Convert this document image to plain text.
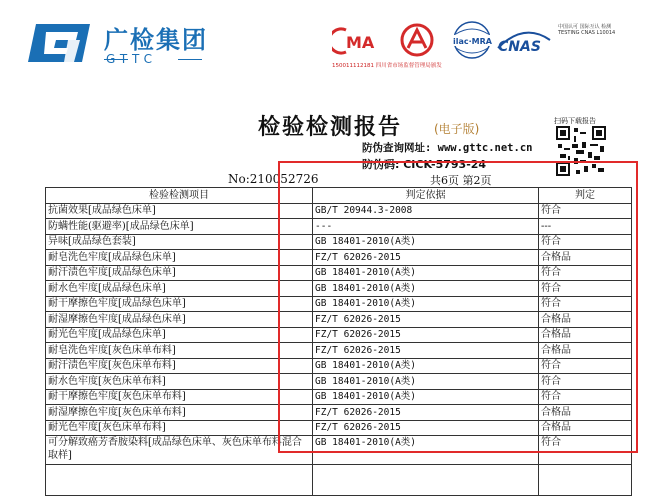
广检集团
GTTC
MA
150011112181 四川省市场监督管理局颁发
ilac·MRA CNAS
中国认可 国际互认 检测 TESTING CNAS L10014
检验检测报告	(电子版)
扫码下载报告
防伪查询网址: www.gttc.net.cn
防伪码: CICK-5793-24
No:210052726	共6页 第2页
检验检测项目	判定依据	判定
抗菌效果[成品绿色床单]	GB/T 20944.3-2008	符合
防螨性能(驱避率)[成品绿色床单]	---	---
异味[成品绿色套装]	GB 18401-2010(A类)	符合
耐皂洗色牢度[成品绿色床单]	FZ/T 62026-2015	合格品
耐汗渍色牢度[成品绿色床单]	GB 18401-2010(A类)	符合
耐水色牢度[成品绿色床单]	GB 18401-2010(A类)	符合
耐干摩擦色牢度[成品绿色床单]	GB 18401-2010(A类)	符合
耐湿摩擦色牢度[成品绿色床单]	FZ/T 62026-2015	合格品
耐光色牢度[成品绿色床单]	FZ/T 62026-2015	合格品
耐皂洗色牢度[灰色床单布料]	FZ/T 62026-2015	合格品
耐汗渍色牢度[灰色床单布料]	GB 18401-2010(A类)	符合
耐水色牢度[灰色床单布料]	GB 18401-2010(A类)	符合
耐干摩擦色牢度[灰色床单布料]	GB 18401-2010(A类)	符合
耐湿摩擦色牢度[灰色床单布料]	FZ/T 62026-2015	合格品
耐光色牢度[灰色床单布料]	FZ/T 62026-2015	合格品
可分解致癌芳香胺染料[成品绿色床单、灰色床单布料混合取样]	GB 18401-2010(A类)	符合
